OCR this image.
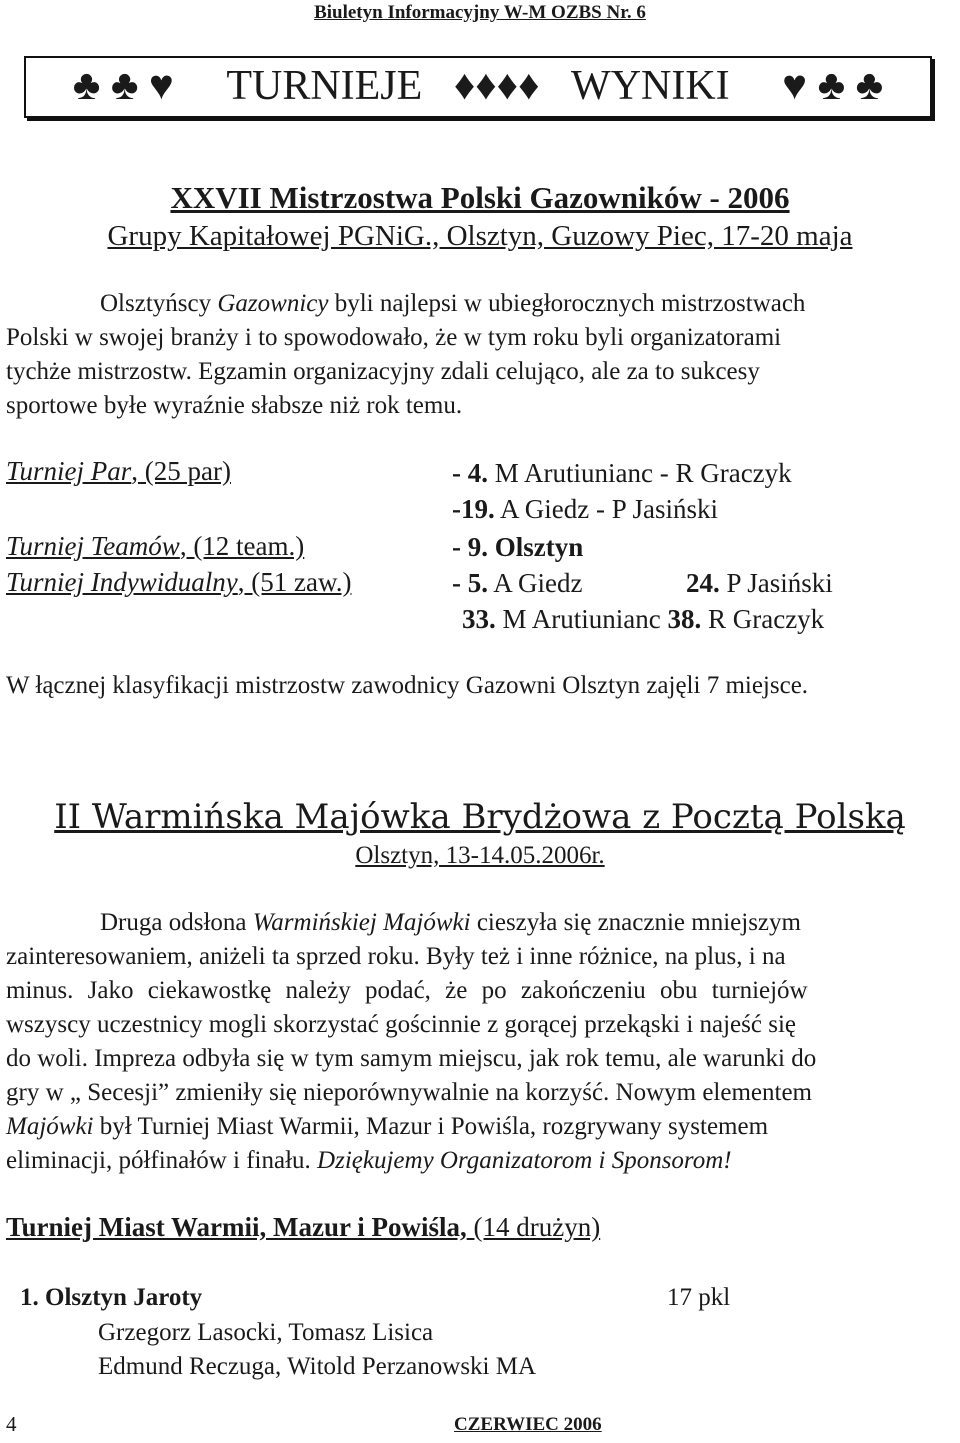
Biuletyn Informacyjny W-M OZBS Nr. 6
♣ ♣ ♥ TURNIEJE ♦♦♦♦ WYNIKI ♥ ♣ ♣
XXVII Mistrzostwa Polski Gazowników - 2006
Grupy Kapitałowej PGNiG., Olsztyn, Guzowy Piec, 17-20 maja
Olsztyńscy Gazownicy byli najlepsi w ubiegłorocznych mistrzostwach
Polski w swojej branży i to spowodowało, że w tym roku byli organizatorami
tychże mistrzostw. Egzamin organizacyjny zdali celująco, ale za to sukcesy
sportowe byłe wyraźnie słabsze niż rok temu.
Turniej Par, (25 par)	- 4. M Arutiunianc - R Graczyk
-19. A Giedz - P Jasiński
Turniej Teamów, (12 team.)	- 9. Olsztyn
Turniej Indywidualny, (51 zaw.)	- 5. A Giedz	24. P Jasiński
33. M Arutiunianc 38. R Graczyk
W łącznej klasyfikacji mistrzostw zawodnicy Gazowni Olsztyn zajęli 7 miejsce.
II Warmińska Majówka Brydżowa z Pocztą Polską
Olsztyn, 13-14.05.2006r.
Druga odsłona Warmińskiej Majówki cieszyła się znacznie mniejszym
zainteresowaniem, aniżeli ta sprzed roku. Były też i inne różnice, na plus, i na
minus. Jako ciekawostkę należy podać, że po zakończeniu obu turniejów
wszyscy uczestnicy mogli skorzystać gościnnie z gorącej przekąski i najeść się
do woli. Impreza odbyła się w tym samym miejscu, jak rok temu, ale warunki do
gry w „ Secesji” zmieniły się nieporównywalnie na korzyść. Nowym elementem
Majówki był Turniej Miast Warmii, Mazur i Powiśla, rozgrywany systemem
eliminacji, półfinałów i finału. Dziękujemy Organizatorom i Sponsorom!
Turniej Miast Warmii, Mazur i Powiśla, (14 drużyn)
1. Olsztyn Jaroty	17 pkl
Grzegorz Lasocki, Tomasz Lisica
Edmund Reczuga, Witold Perzanowski MA
4	CZERWIEC 2006
